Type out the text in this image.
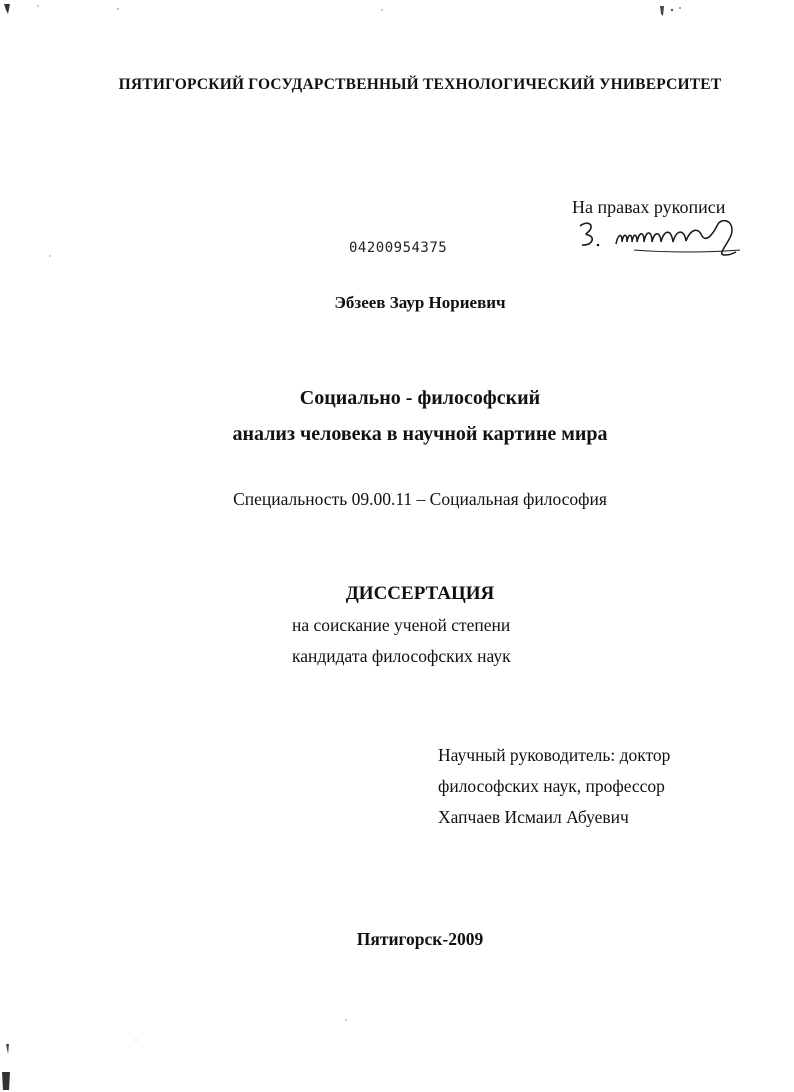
ПЯТИГОРСКИЙ ГОСУДАРСТВЕННЫЙ ТЕХНОЛОГИЧЕСКИЙ УНИВЕРСИТЕТ
На правах рукописи
04200954375
Эбзеев Заур Нориевич
Социально - философский
анализ человека в научной картине мира
Специальность 09.00.11 – Социальная философия
ДИССЕРТАЦИЯ
на соискание ученой степени
кандидата философских наук
Научный руководитель: доктор
философских наук, профессор
Хапчаев Исмаил Абуевич
Пятигорск-2009
